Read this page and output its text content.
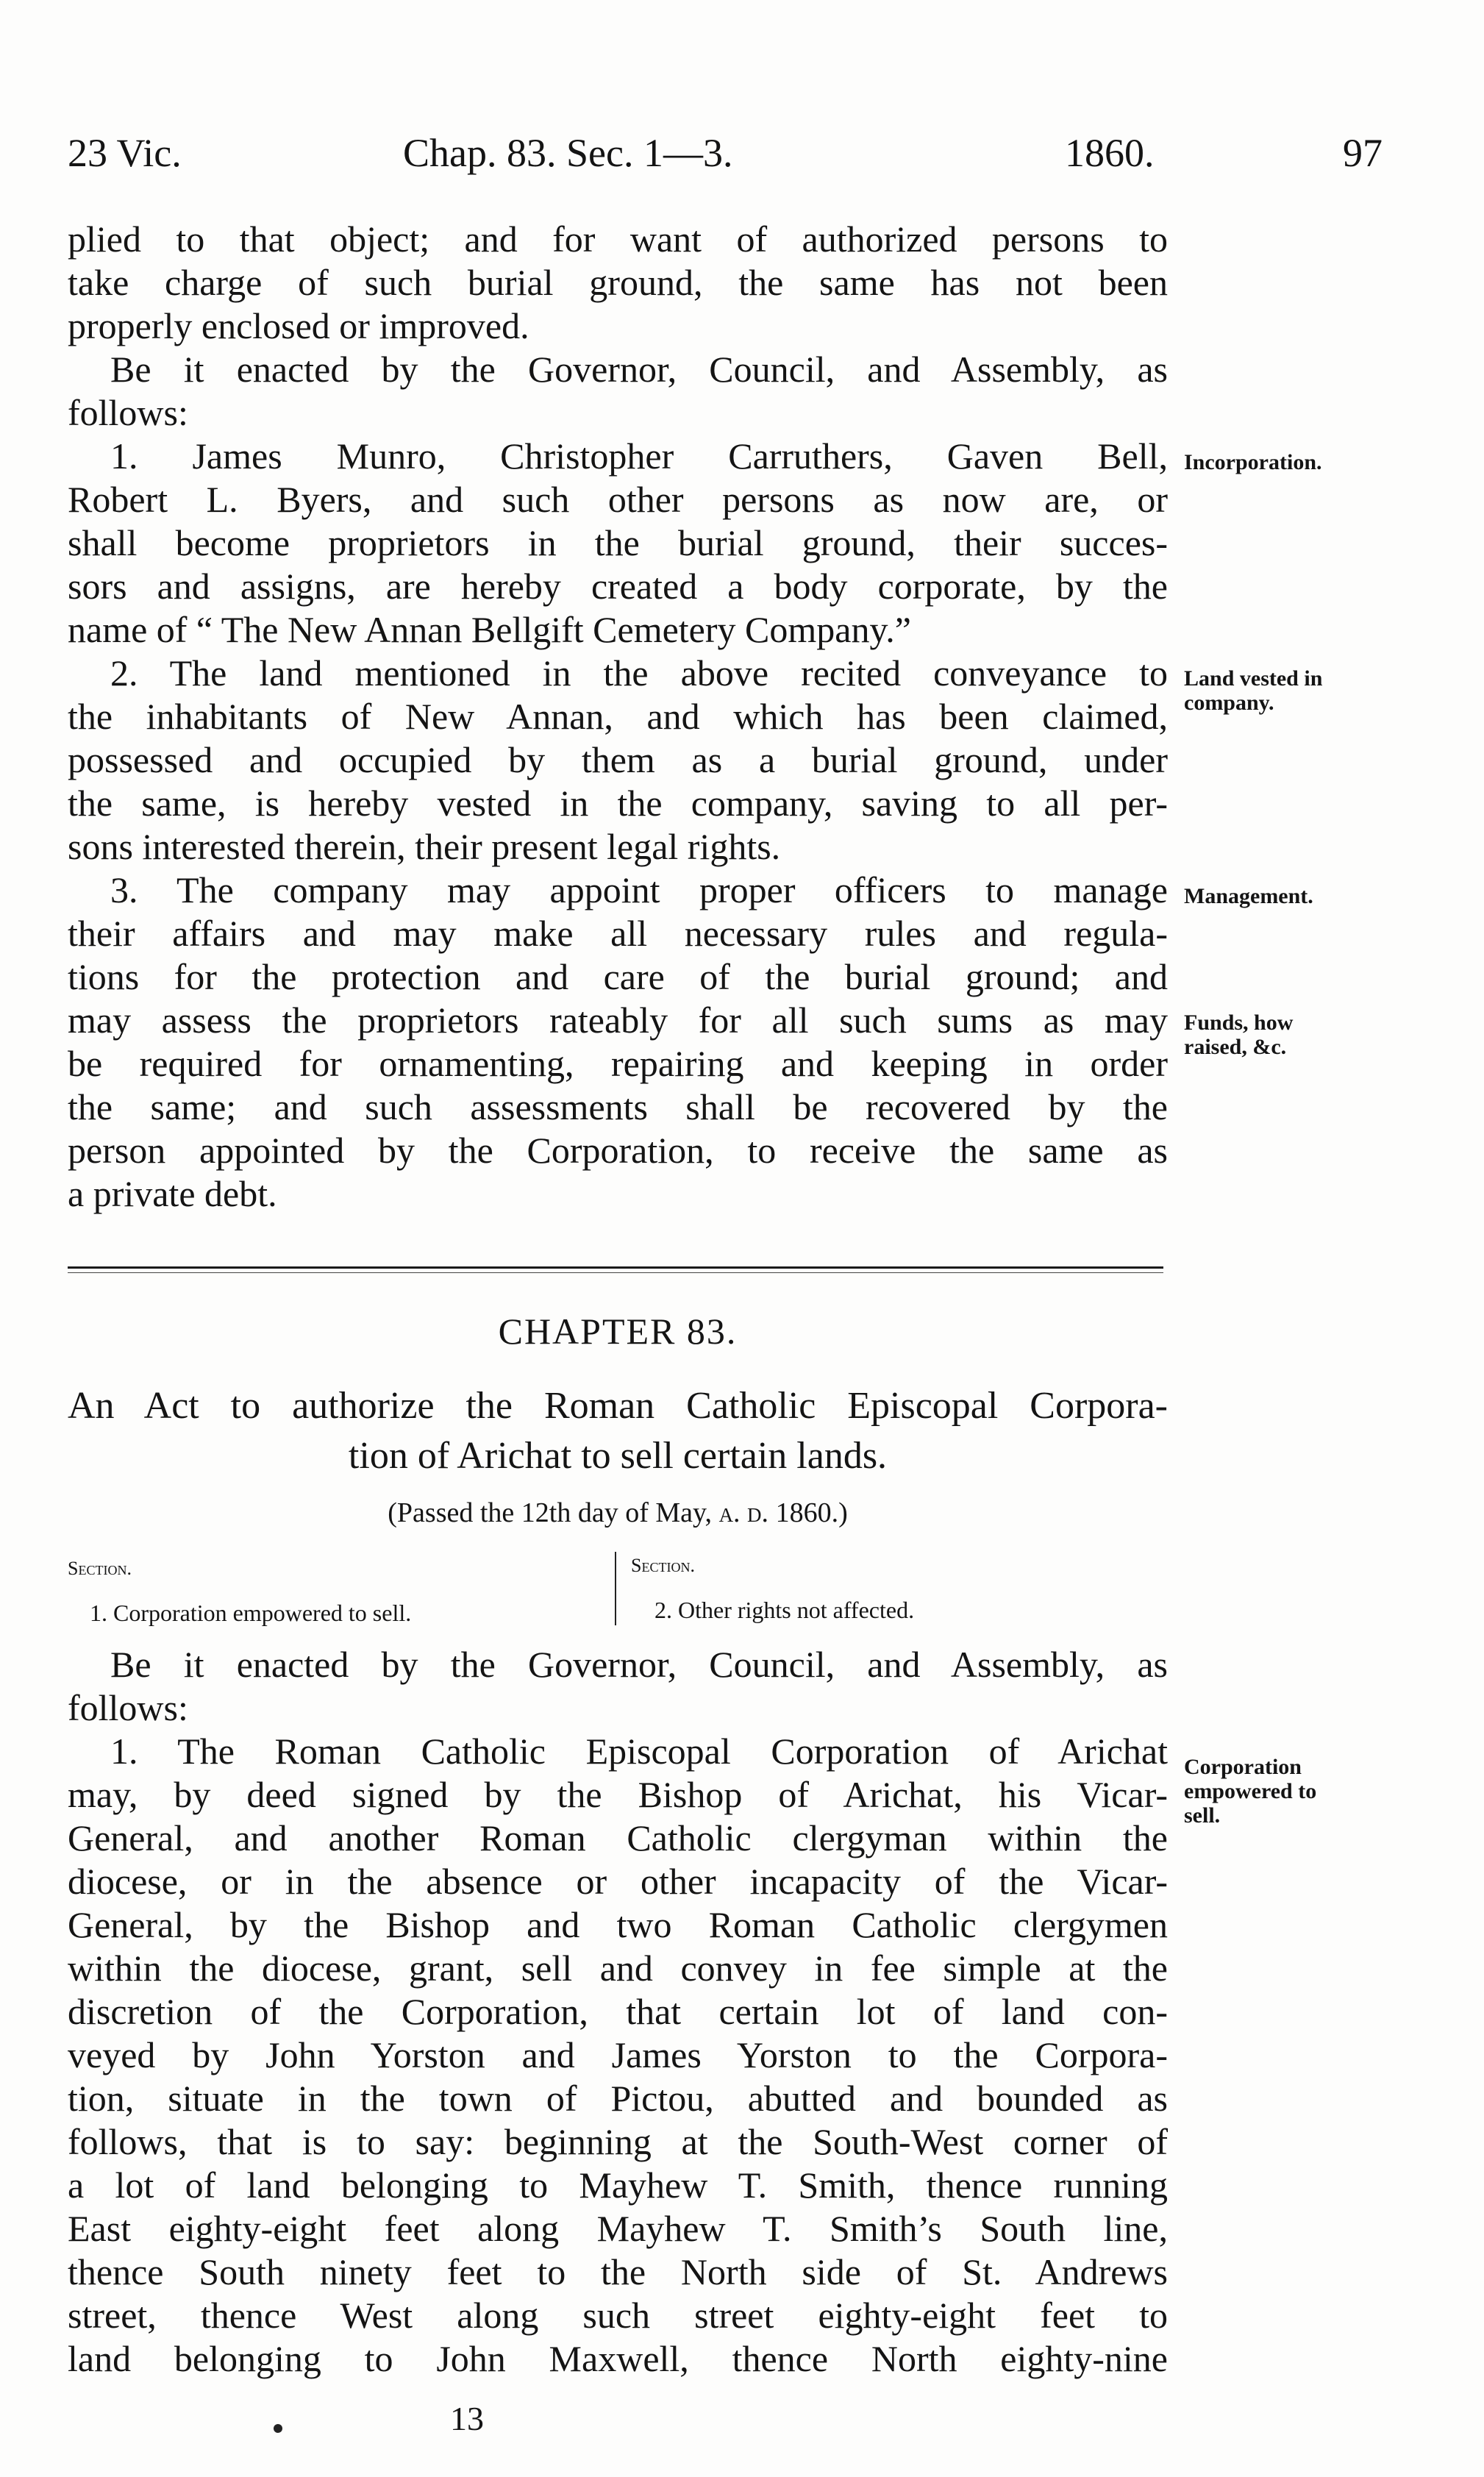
23 Vic.	Chap. 83. Sec. 1—3.	1860.	97
plied to that object; and for want of authorized persons to
take charge of such burial ground, the same has not been
properly enclosed or improved.
Be it enacted by the Governor, Council, and Assembly, as
follows:
1. James Munro, Christopher Carruthers, Gaven Bell,
Robert L. Byers, and such other persons as now are, or
shall become proprietors in the burial ground, their succes-
sors and assigns, are hereby created a body corporate, by the
name of “ The New Annan Bellgift Cemetery Company.”
2. The land mentioned in the above recited conveyance to
the inhabitants of New Annan, and which has been claimed,
possessed and occupied by them as a burial ground, under
the same, is hereby vested in the company, saving to all per-
sons interested therein, their present legal rights.
3. The company may appoint proper officers to manage
their affairs and may make all necessary rules and regula-
tions for the protection and care of the burial ground; and
may assess the proprietors rateably for all such sums as may
be required for ornamenting, repairing and keeping in order
the same; and such assessments shall be recovered by the
person appointed by the Corporation, to receive the same as
a private debt.
Incorporation.
Land vested in company.
Management.
Funds, how raised, &c.
CHAPTER 83.
An Act to authorize the Roman Catholic Episcopal Corpora-
tion of Arichat to sell certain lands.
(Passed the 12th day of May, a. d. 1860.)
Section.	Section.
1. Corporation empowered to sell.	2. Other rights not affected.
Be it enacted by the Governor, Council, and Assembly, as
follows:
1. The Roman Catholic Episcopal Corporation of Arichat
may, by deed signed by the Bishop of Arichat, his Vicar-
General, and another Roman Catholic clergyman within the
diocese, or in the absence or other incapacity of the Vicar-
General, by the Bishop and two Roman Catholic clergymen
within the diocese, grant, sell and convey in fee simple at the
discretion of the Corporation, that certain lot of land con-
veyed by John Yorston and James Yorston to the Corpora-
tion, situate in the town of Pictou, abutted and bounded as
follows, that is to say: beginning at the South-West corner of
a lot of land belonging to Mayhew T. Smith, thence running
East eighty-eight feet along Mayhew T. Smith’s South line,
thence South ninety feet to the North side of St. Andrews
street, thence West along such street eighty-eight feet to
land belonging to John Maxwell, thence North eighty-nine
Corporation empowered to sell.
13
